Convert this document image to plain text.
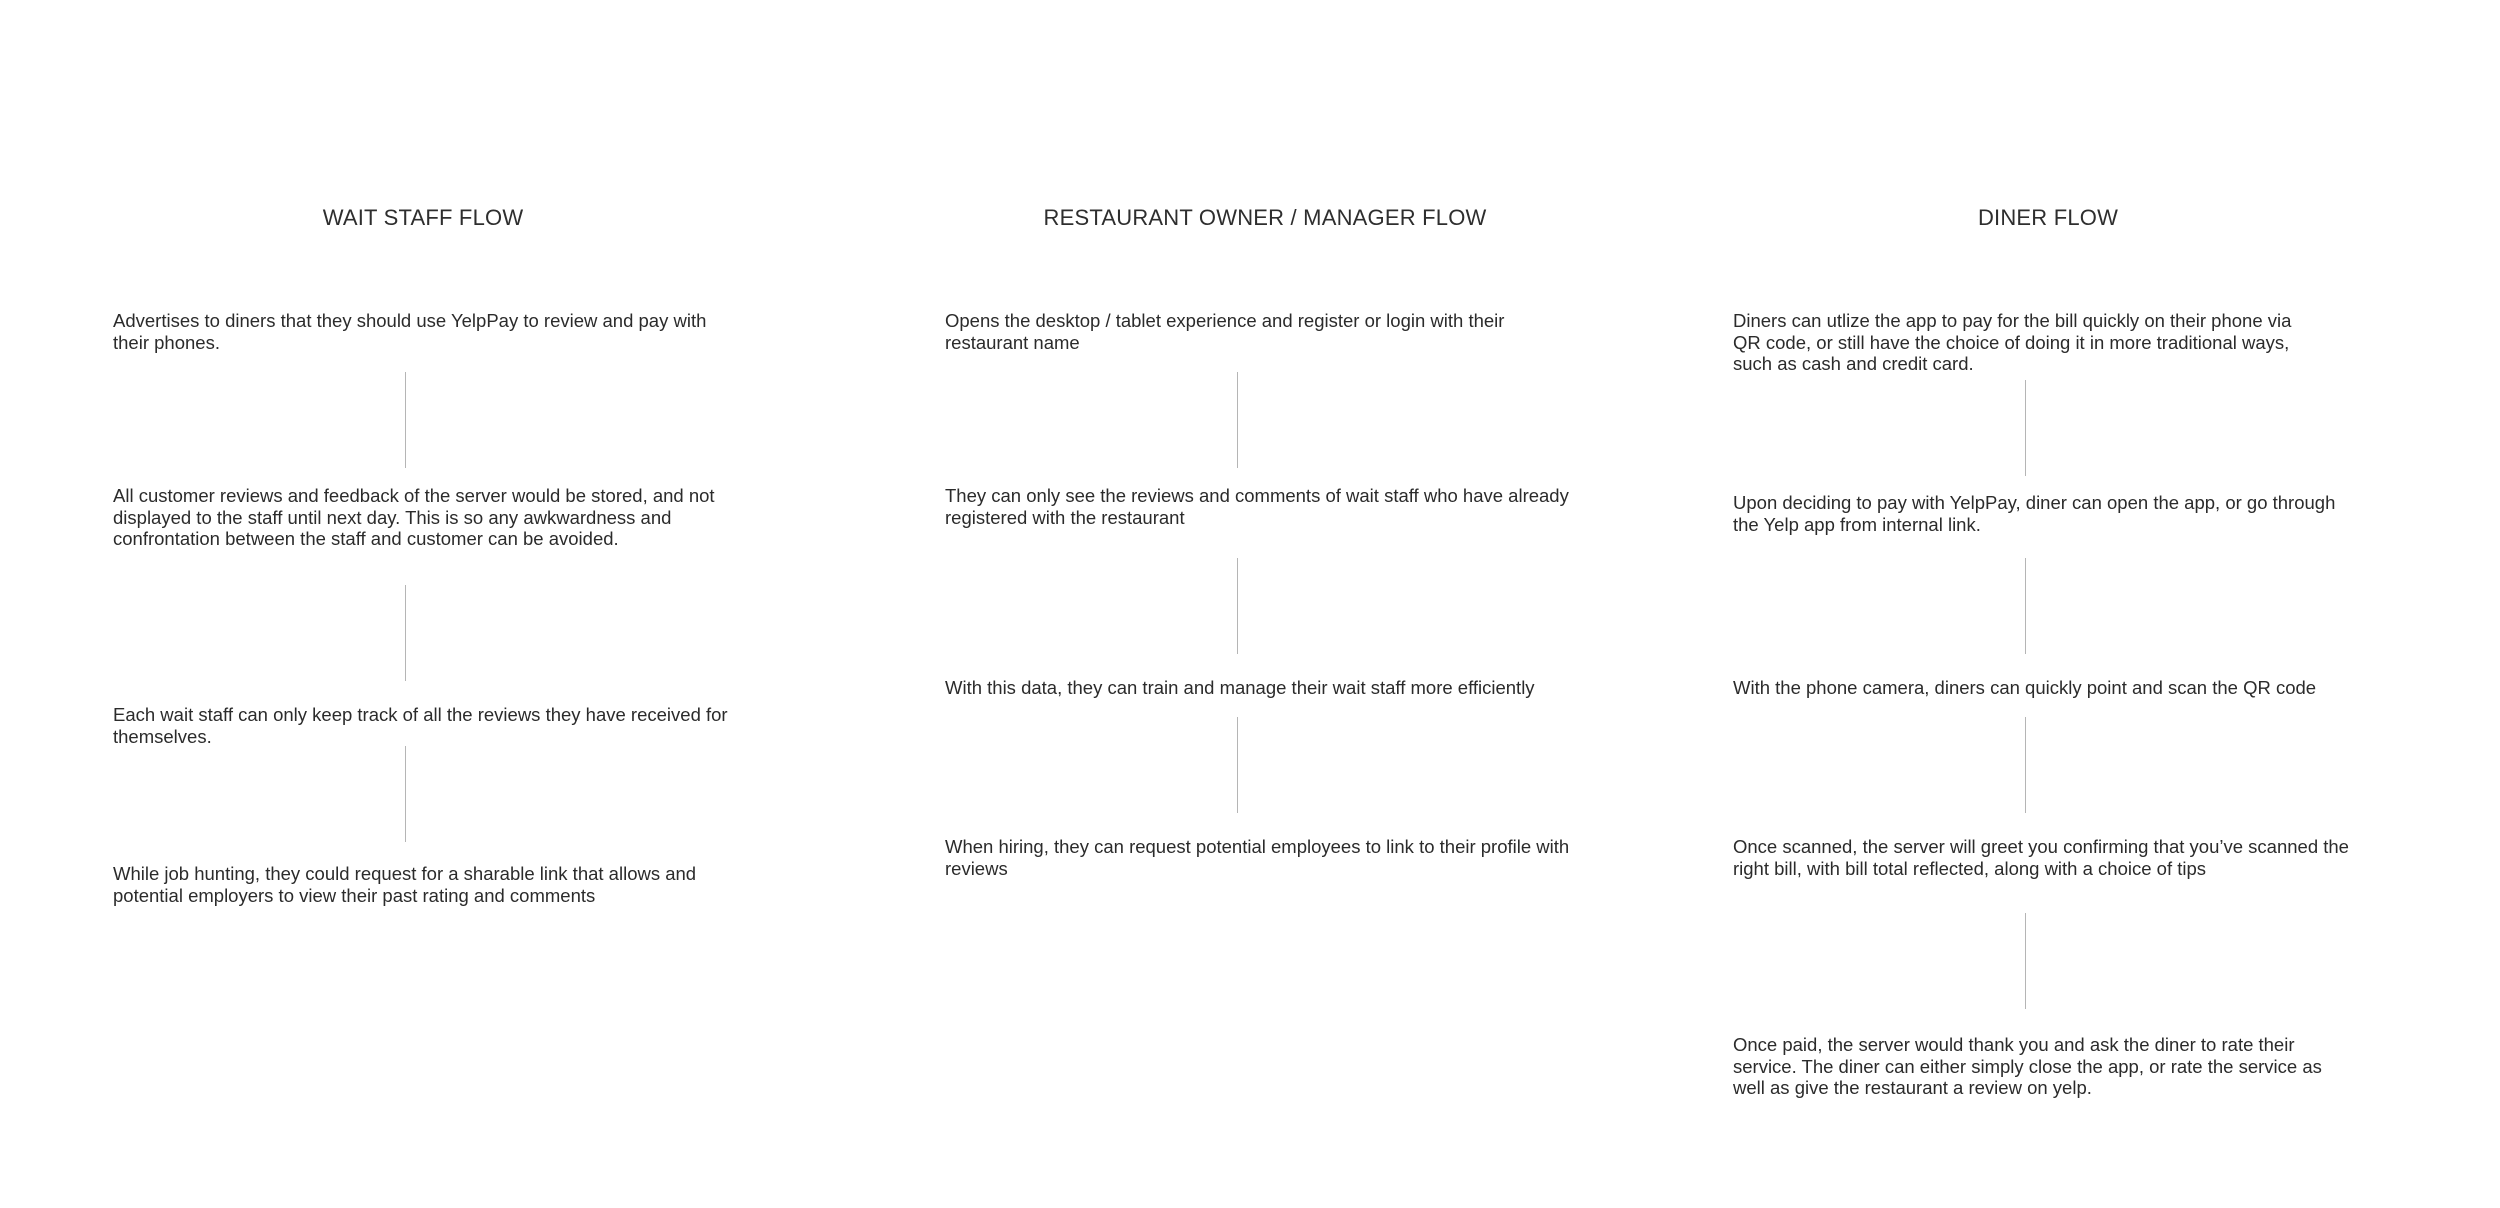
WAIT STAFF FLOW

Advertises to diners that they should use YelpPay to review and pay with their phones.

All customer reviews and feedback of the server would be stored, and not displayed to the staff until next day. This is so any awkwardness and confrontation between the staff and customer can be avoided.

Each wait staff can only keep track of all the reviews they have received for themselves.

While job hunting, they could request for a sharable link that allows and potential employers to view their past rating and comments

RESTAURANT OWNER / MANAGER FLOW

Opens the desktop / tablet experience and register or login with their restaurant name

They can only see the reviews and comments of wait staff who have already registered with the restaurant

With this data, they can train and manage their wait staff more efficiently

When hiring, they can request potential employees to link to their profile with reviews

DINER FLOW

Diners can utlize the app to pay for the bill quickly on their phone via QR code, or still have the choice of doing it in more traditional ways, such as cash and credit card.

Upon deciding to pay with YelpPay, diner can open the app, or go through the Yelp app from internal link.

With the phone camera, diners can quickly point and scan the QR code

Once scanned, the server will greet you confirming that you’ve scanned the right bill, with bill total reflected, along with a choice of tips

Once paid, the server would thank you and ask the diner to rate their service. The diner can either simply close the app, or rate the service as well as give the restaurant a review on yelp.
